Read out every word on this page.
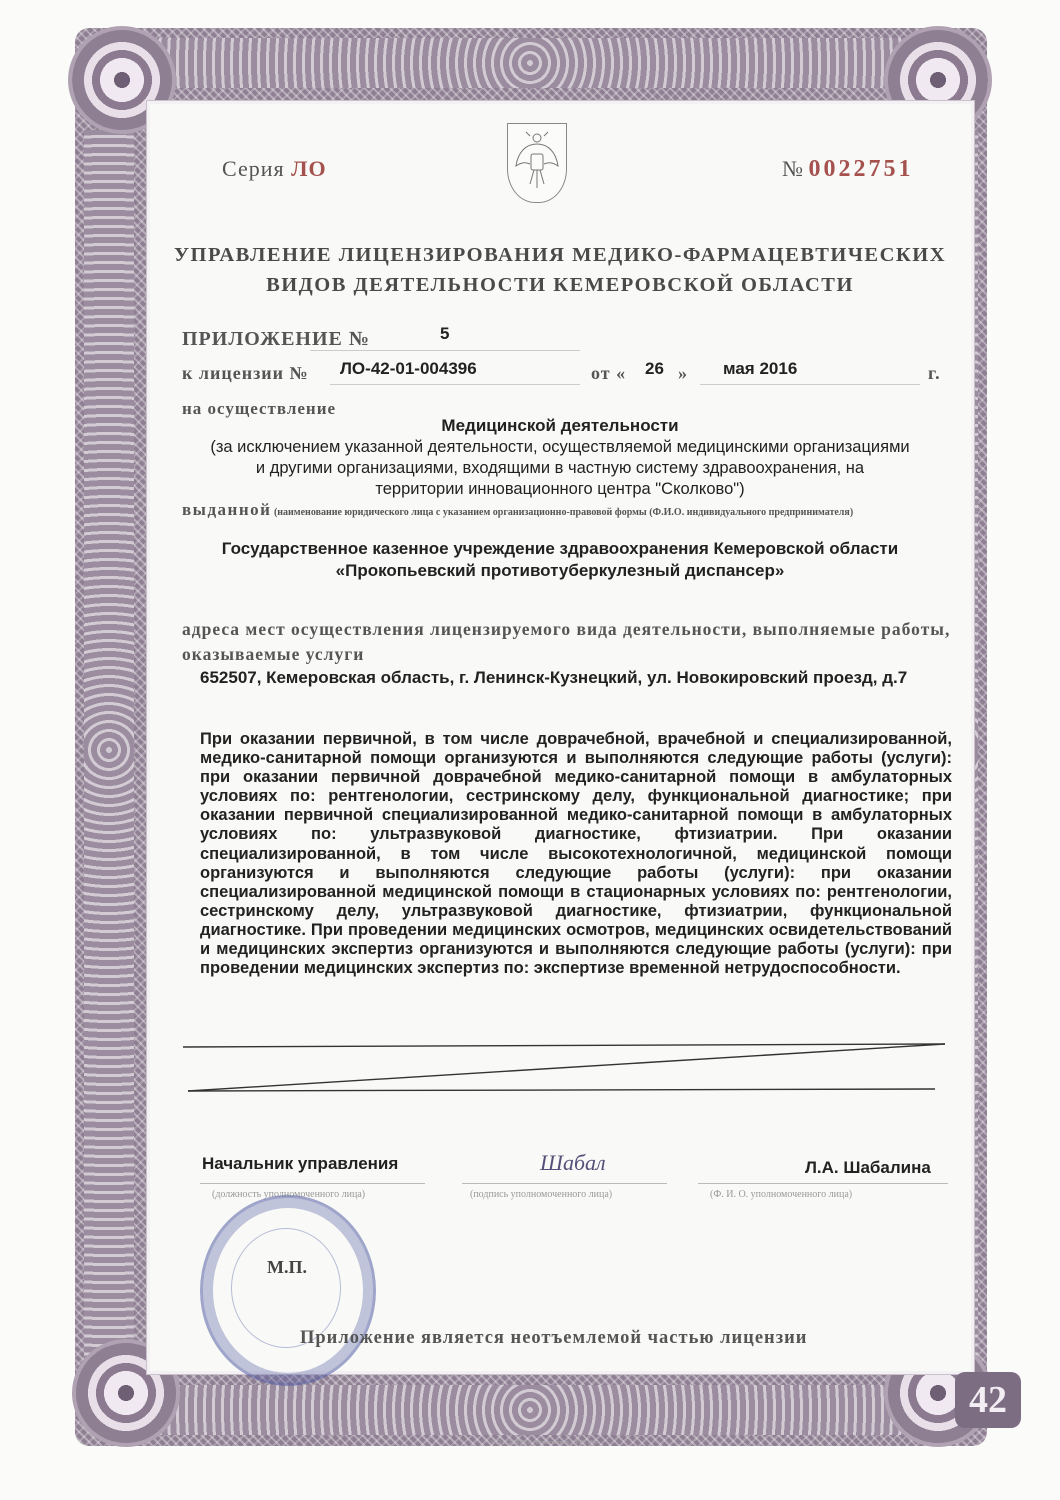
42
Серия ЛО	№ 0022751
УПРАВЛЕНИЕ ЛИЦЕНЗИРОВАНИЯ МЕДИКО-ФАРМАЦЕВТИЧЕСКИХ
ВИДОВ ДЕЯТЕЛЬНОСТИ КЕМЕРОВСКОЙ ОБЛАСТИ
ПРИЛОЖЕНИЕ №	5
к лицензии № ЛО-42-01-004396	от « 26 » мая 2016	г.
на осуществление
Медицинской деятельности
(за исключением указанной деятельности, осуществляемой медицинскими организациями
и другими организациями, входящими в частную систему здравоохранения, на
территории инновационного центра "Сколково")
выданной (наименование юридического лица с указанием организационно-правовой формы (Ф.И.О. индивидуального предпринимателя)
Государственное казенное учреждение здравоохранения Кемеровской области
«Прокопьевский противотуберкулезный диспансер»
адреса мест осуществления лицензируемого вида деятельности, выполняемые работы, оказываемые услуги
652507, Кемеровская область, г. Ленинск-Кузнецкий, ул. Новокировский проезд, д.7
При оказании первичной, в том числе доврачебной, врачебной и специализированной, медико-санитарной помощи организуются и выполняются следующие работы (услуги): при оказании первичной доврачебной медико-санитарной помощи в амбулаторных условиях по: рентгенологии, сестринскому делу, функциональной диагностике; при оказании первичной специализированной медико-санитарной помощи в амбулаторных условиях по: ультразвуковой диагностике, фтизиатрии. При оказании специализированной, в том числе высокотехнологичной, медицинской помощи организуются и выполняются следующие работы (услуги): при оказании специализированной медицинской помощи в стационарных условиях по: рентгенологии, сестринскому делу, ультразвуковой диагностике, фтизиатрии, функциональной диагностике. При проведении медицинских осмотров, медицинских освидетельствований и медицинских экспертиз организуются и выполняются следующие работы (услуги): при проведении медицинских экспертиз по: экспертизе временной нетрудоспособности.
Начальник управления	Шабал	Л.А. Шабалина
(должность уполномоченного лица)	(подпись уполномоченного лица)	(Ф. И. О. уполномоченного лица)
М.П.
Приложение является неотъемлемой частью лицензии
ЗАО «СИБПРО», Новосибирск, 2015, «Б»
